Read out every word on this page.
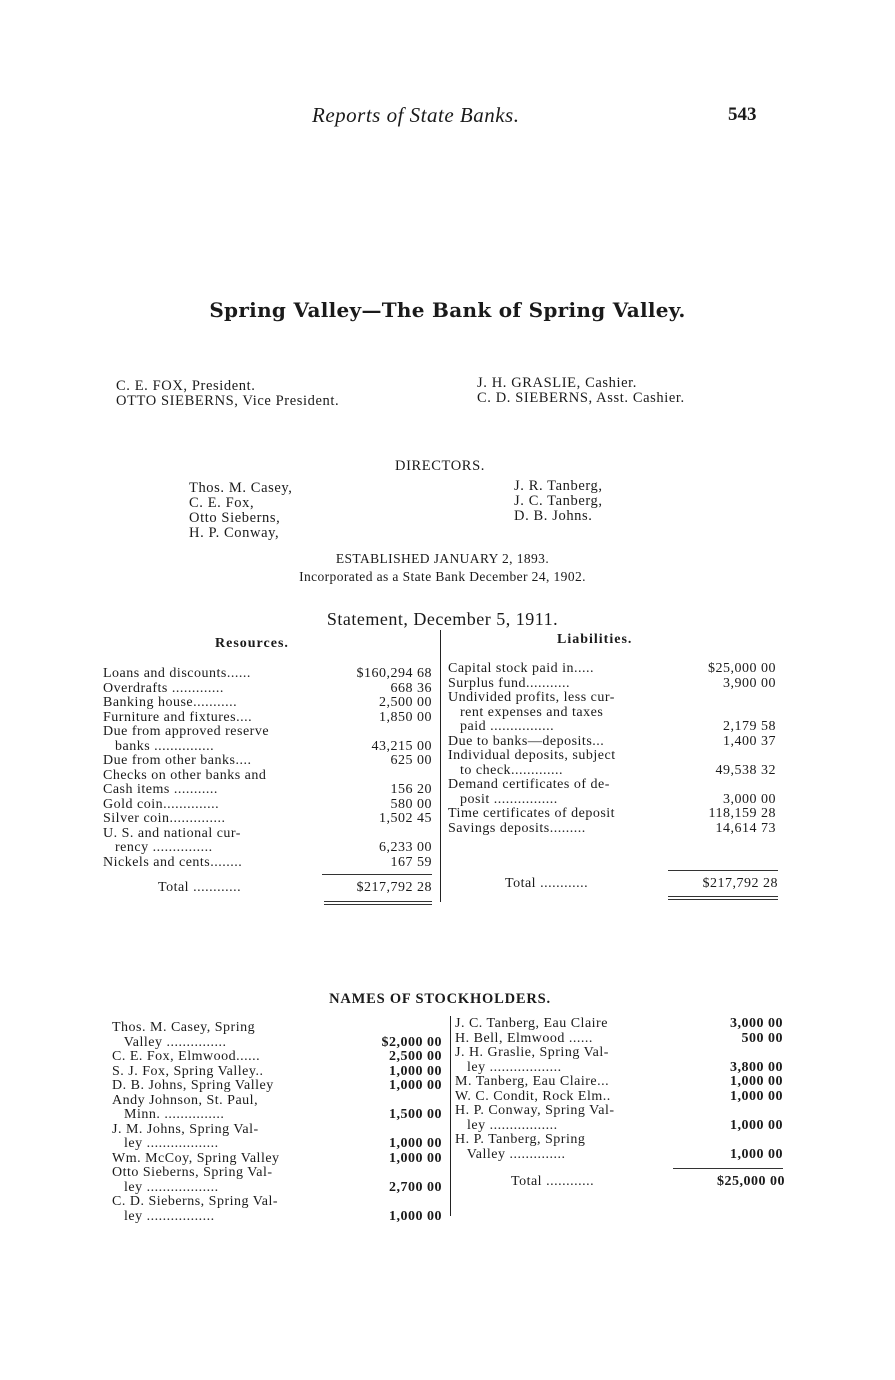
Reports of State Banks.	543
Spring Valley—The Bank of Spring Valley.
C. E. FOX, President.
OTTO SIEBERNS, Vice President.
J. H. GRASLIE, Cashier.
C. D. SIEBERNS, Asst. Cashier.
DIRECTORS.
Thos. M. Casey,
C. E. Fox,
Otto Sieberns,
H. P. Conway,
J. R. Tanberg,
J. C. Tanberg,
D. B. Johns.
ESTABLISHED JANUARY 2, 1893.
Incorporated as a State Bank December 24, 1902.
Statement, December 5, 1911.
Resources.	Liabilities.
Loans and discounts......	$160,294 68
Overdrafts .............	668 36
Banking house...........	2,500 00
Furniture and fixtures....	1,850 00
Due from approved reserve
banks ...............	43,215 00
Due from other banks....	625 00
Checks on other banks and
Cash items ...........	156 20
Gold coin..............	580 00
Silver coin..............	1,502 45
U. S. and national cur-
rency ...............	6,233 00
Nickels and cents........	167 59
Total ............	$217,792 28
Capital stock paid in.....	$25,000 00
Surplus fund...........	3,900 00
Undivided profits, less cur-
rent expenses and taxes
paid ................	2,179 58
Due to banks—deposits...	1,400 37
Individual deposits, subject
to check.............	49,538 32
Demand certificates of de-
posit ................	3,000 00
Time certificates of deposit	118,159 28
Savings deposits.........	14,614 73
Total ............	$217,792 28
NAMES OF STOCKHOLDERS.
Thos. M. Casey, Spring
Valley ...............	$2,000 00
C. E. Fox, Elmwood......	2,500 00
S. J. Fox, Spring Valley..	1,000 00
D. B. Johns, Spring Valley	1,000 00
Andy Johnson, St. Paul,
Minn. ...............	1,500 00
J. M. Johns, Spring Val-
ley ..................	1,000 00
Wm. McCoy, Spring Valley	1,000 00
Otto Sieberns, Spring Val-
ley ..................	2,700 00
C. D. Sieberns, Spring Val-
ley .................	1,000 00
J. C. Tanberg, Eau Claire	3,000 00
H. Bell, Elmwood ......	500 00
J. H. Graslie, Spring Val-
ley ..................	3,800 00
M. Tanberg, Eau Claire...	1,000 00
W. C. Condit, Rock Elm..	1,000 00
H. P. Conway, Spring Val-
ley .................	1,000 00
H. P. Tanberg, Spring
Valley ..............	1,000 00
Total ............	$25,000 00
